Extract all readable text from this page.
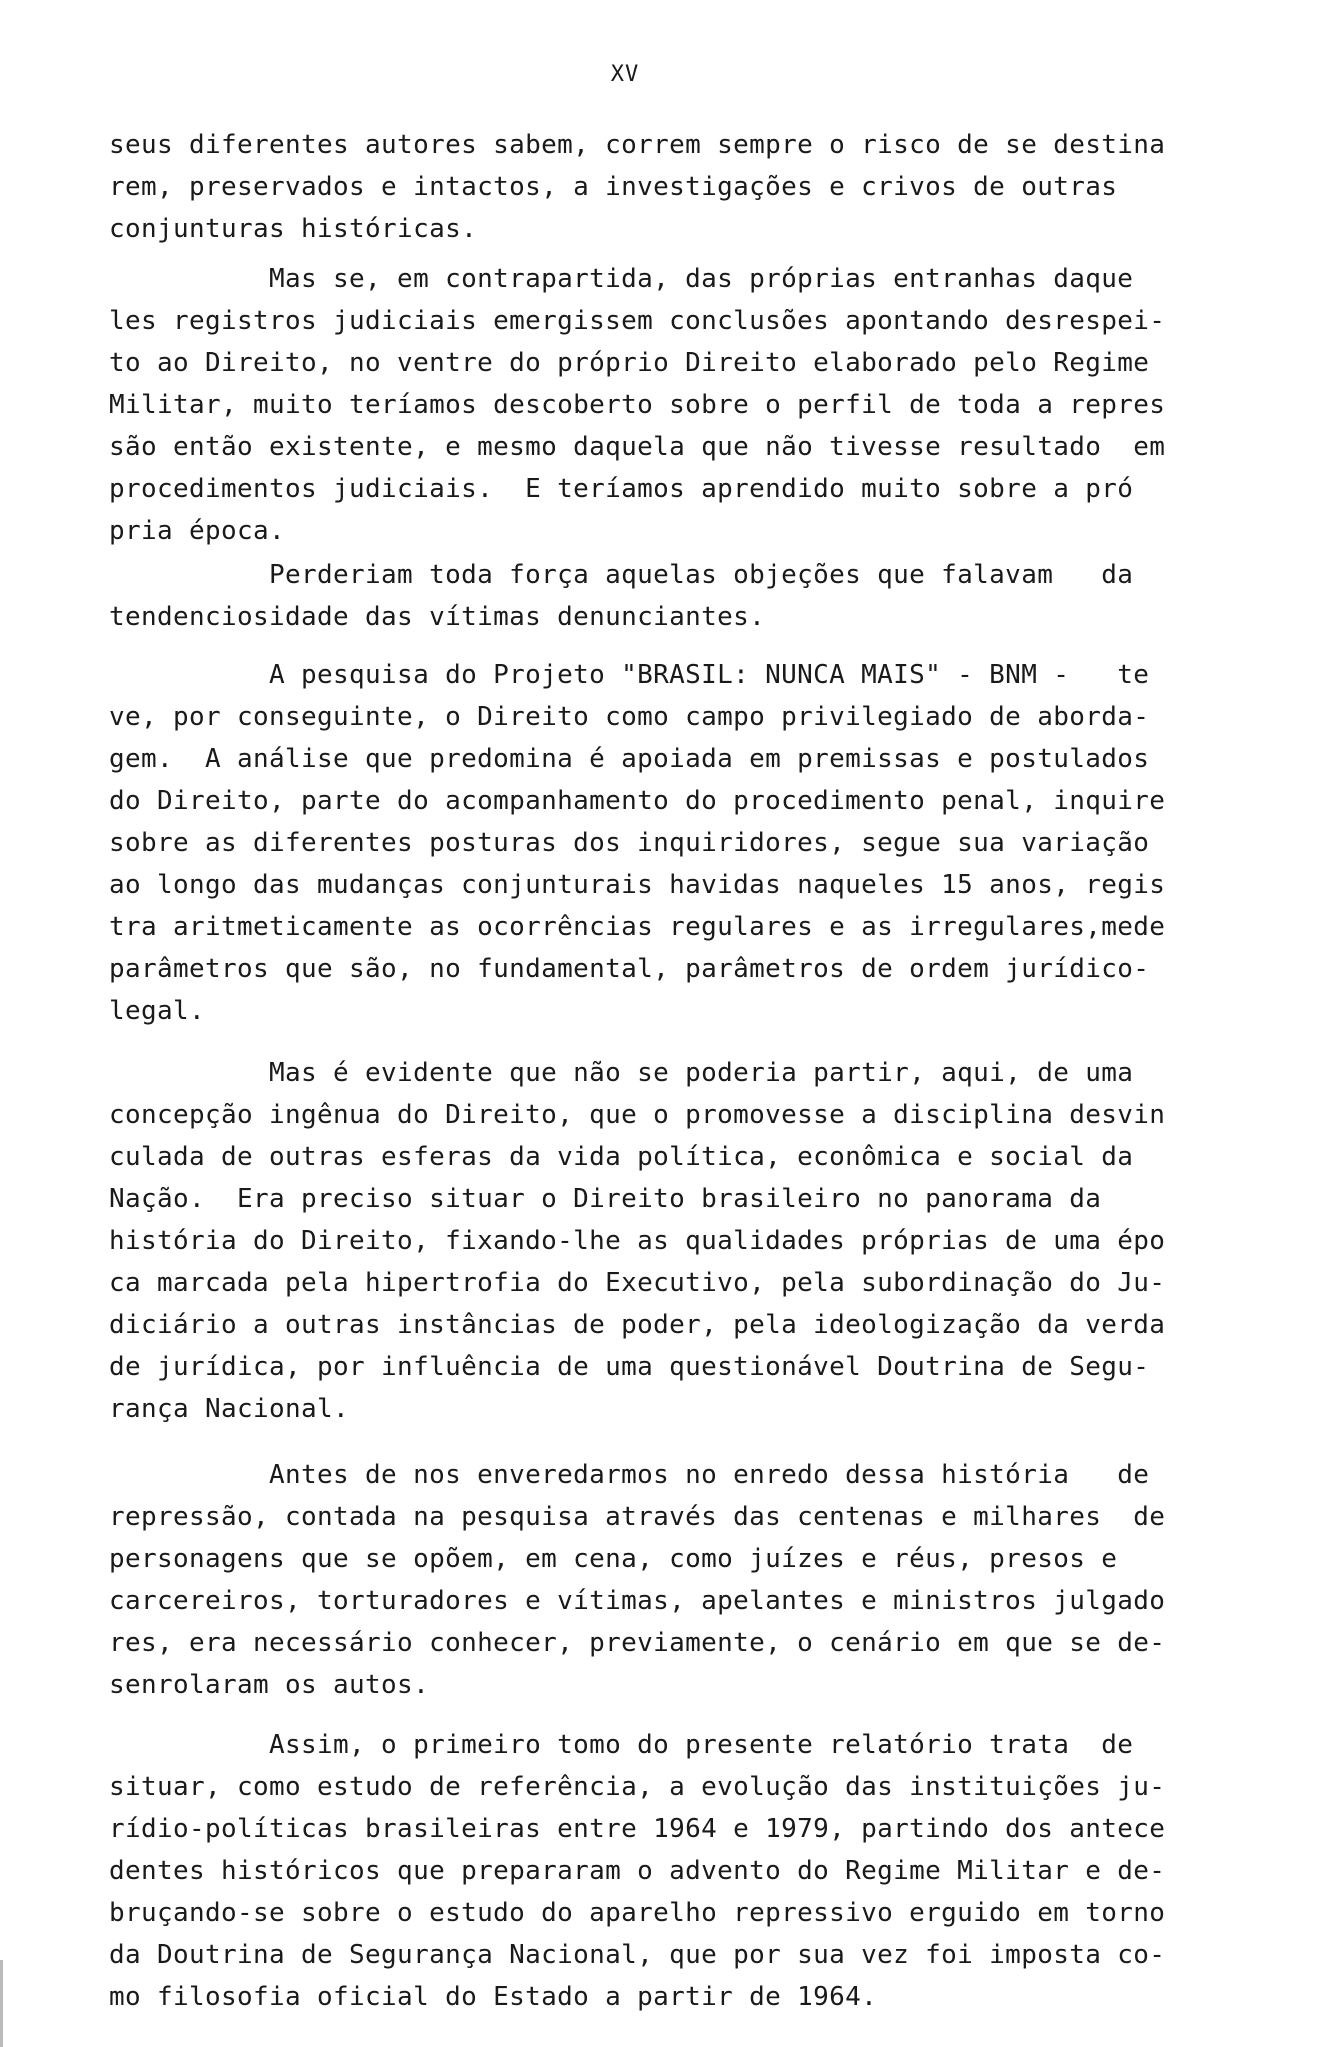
XV
seus diferentes autores sabem, correm sempre o risco de se destina
rem, preservados e intactos, a investigações e crivos de outras
conjunturas históricas.
Mas se, em contrapartida, das próprias entranhas daque
les registros judiciais emergissem conclusões apontando desrespei-
to ao Direito, no ventre do próprio Direito elaborado pelo Regime
Militar, muito teríamos descoberto sobre o perfil de toda a repres
são então existente, e mesmo daquela que não tivesse resultado  em
procedimentos judiciais.  E teríamos aprendido muito sobre a pró
pria época.
Perderiam toda força aquelas objeções que falavam   da
tendenciosidade das vítimas denunciantes.
A pesquisa do Projeto "BRASIL: NUNCA MAIS" - BNM -   te
ve, por conseguinte, o Direito como campo privilegiado de aborda-
gem.  A análise que predomina é apoiada em premissas e postulados
do Direito, parte do acompanhamento do procedimento penal, inquire
sobre as diferentes posturas dos inquiridores, segue sua variação
ao longo das mudanças conjunturais havidas naqueles 15 anos, regis
tra aritmeticamente as ocorrências regulares e as irregulares,mede
parâmetros que são, no fundamental, parâmetros de ordem jurídico-
legal.
Mas é evidente que não se poderia partir, aqui, de uma
concepção ingênua do Direito, que o promovesse a disciplina desvin
culada de outras esferas da vida política, econômica e social da
Nação.  Era preciso situar o Direito brasileiro no panorama da
história do Direito, fixando-lhe as qualidades próprias de uma épo
ca marcada pela hipertrofia do Executivo, pela subordinação do Ju-
diciário a outras instâncias de poder, pela ideologização da verda
de jurídica, por influência de uma questionável Doutrina de Segu-
rança Nacional.
Antes de nos enveredarmos no enredo dessa história   de
repressão, contada na pesquisa através das centenas e milhares  de
personagens que se opõem, em cena, como juízes e réus, presos e
carcereiros, torturadores e vítimas, apelantes e ministros julgado
res, era necessário conhecer, previamente, o cenário em que se de-
senrolaram os autos.
Assim, o primeiro tomo do presente relatório trata  de
situar, como estudo de referência, a evolução das instituições ju-
rídio-políticas brasileiras entre 1964 e 1979, partindo dos antece
dentes históricos que prepararam o advento do Regime Militar e de-
bruçando-se sobre o estudo do aparelho repressivo erguido em torno
da Doutrina de Segurança Nacional, que por sua vez foi imposta co-
mo filosofia oficial do Estado a partir de 1964.
